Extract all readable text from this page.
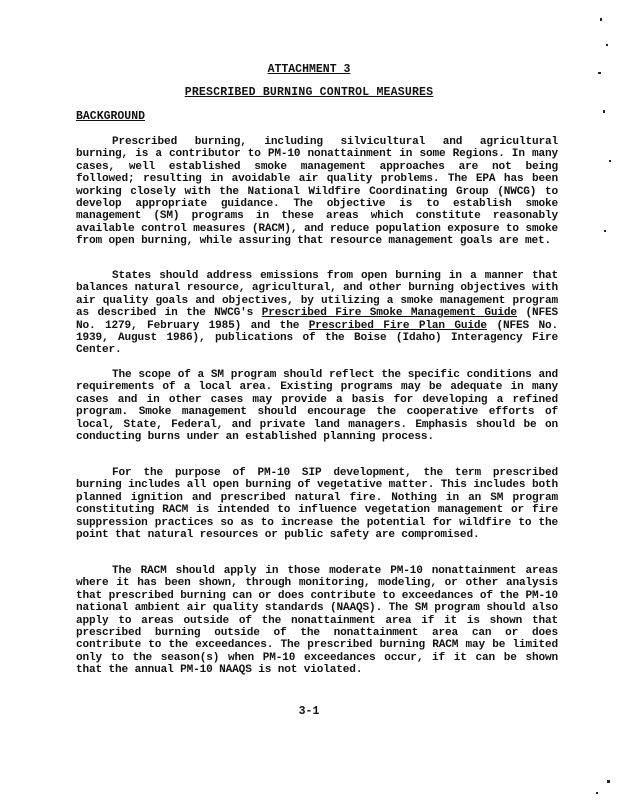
ATTACHMENT 3
PRESCRIBED BURNING CONTROL MEASURES
BACKGROUND

Prescribed burning, including silvicultural and agricultural burning, is a contributor to PM-10 nonattainment in some Regions. In many cases, well established smoke management approaches are not being followed; resulting in avoidable air quality problems. The EPA has been working closely with the National Wildfire Coordinating Group (NWCG) to develop appropriate guidance. The objective is to establish smoke management (SM) programs in these areas which constitute reasonably available control measures (RACM), and reduce population exposure to smoke from open burning, while assuring that resource management goals are met.

States should address emissions from open burning in a manner that balances natural resource, agricultural, and other burning objectives with air quality goals and objectives, by utilizing a smoke management program as described in the NWCG's Prescribed Fire Smoke Management Guide (NFES No. 1279, February 1985) and the Prescribed Fire Plan Guide (NFES No. 1939, August 1986), publications of the Boise (Idaho) Interagency Fire Center.

The scope of a SM program should reflect the specific conditions and requirements of a local area. Existing programs may be adequate in many cases and in other cases may provide a basis for developing a refined program. Smoke management should encourage the cooperative efforts of local, State, Federal, and private land managers. Emphasis should be on conducting burns under an established planning process.

For the purpose of PM-10 SIP development, the term prescribed burning includes all open burning of vegetative matter. This includes both planned ignition and prescribed natural fire. Nothing in an SM program constituting RACM is intended to influence vegetation management or fire suppression practices so as to increase the potential for wildfire to the point that natural resources or public safety are compromised.

The RACM should apply in those moderate PM-10 nonattainment areas where it has been shown, through monitoring, modeling, or other analysis that prescribed burning can or does contribute to exceedances of the PM-10 national ambient air quality standards (NAAQS). The SM program should also apply to areas outside of the nonattainment area if it is shown that prescribed burning outside of the nonattainment area can or does contribute to the exceedances. The prescribed burning RACM may be limited only to the season(s) when PM-10 exceedances occur, if it can be shown that the annual PM-10 NAAQS is not violated.

3-1
